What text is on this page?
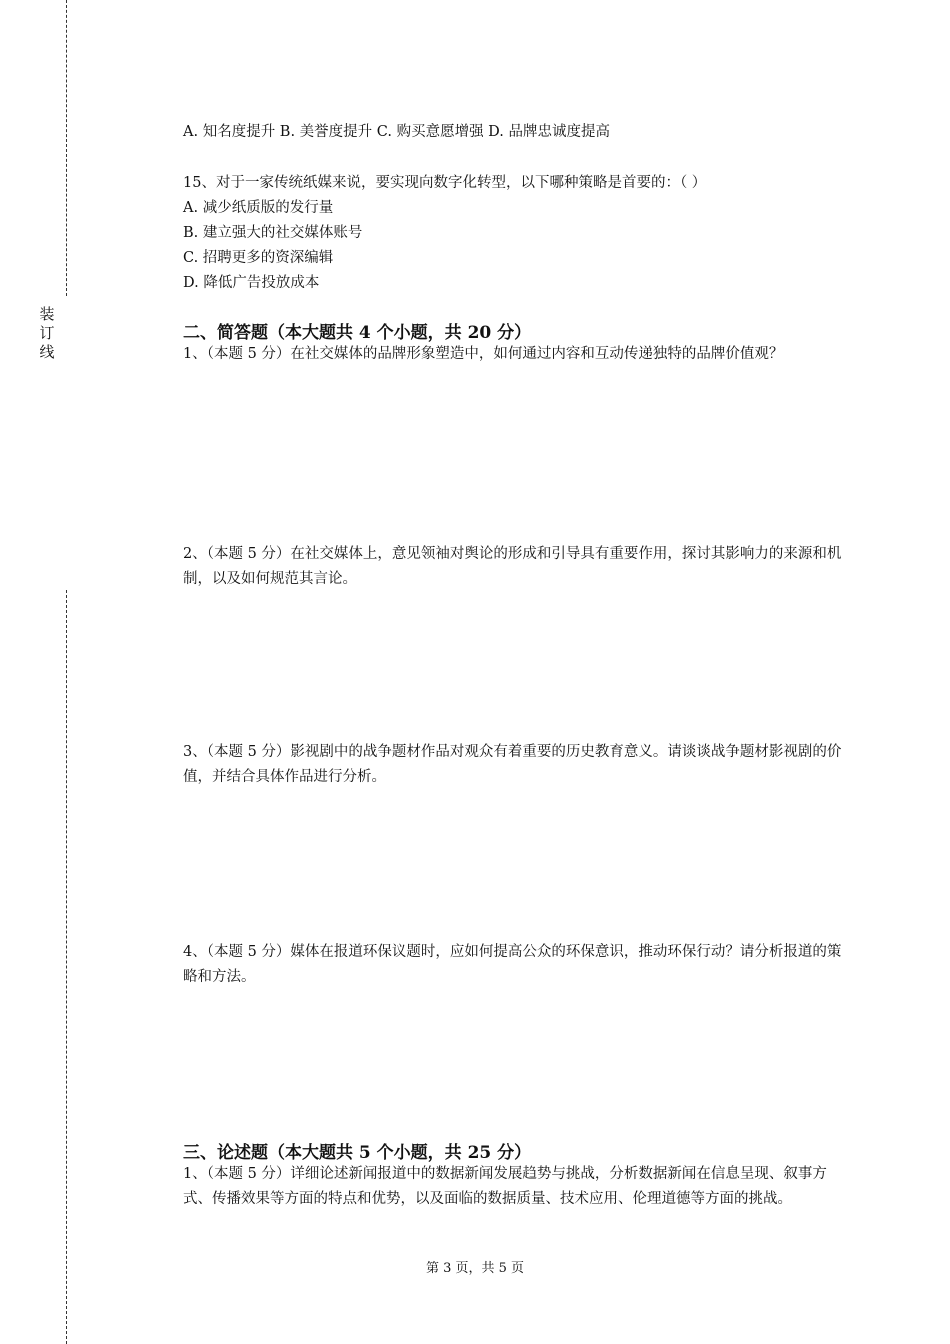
装
订
线
A. 知名度提升 B. 美誉度提升 C. 购买意愿增强 D. 品牌忠诚度提高
15、对于一家传统纸媒来说，要实现向数字化转型，以下哪种策略是首要的：（ ）
A. 减少纸质版的发行量
B. 建立强大的社交媒体账号
C. 招聘更多的资深编辑
D. 降低广告投放成本
二、简答题（本大题共 4 个小题，共 20 分）
1、（本题 5 分）在社交媒体的品牌形象塑造中，如何通过内容和互动传递独特的品牌价值观？
2、（本题 5 分）在社交媒体上，意见领袖对舆论的形成和引导具有重要作用，探讨其影响力的来源和机制，以及如何规范其言论。
3、（本题 5 分）影视剧中的战争题材作品对观众有着重要的历史教育意义。请谈谈战争题材影视剧的价值，并结合具体作品进行分析。
4、（本题 5 分）媒体在报道环保议题时，应如何提高公众的环保意识，推动环保行动？请分析报道的策略和方法。
三、论述题（本大题共 5 个小题，共 25 分）
1、（本题 5 分）详细论述新闻报道中的数据新闻发展趋势与挑战，分析数据新闻在信息呈现、叙事方式、传播效果等方面的特点和优势，以及面临的数据质量、技术应用、伦理道德等方面的挑战。
第 3 页，共 5 页
